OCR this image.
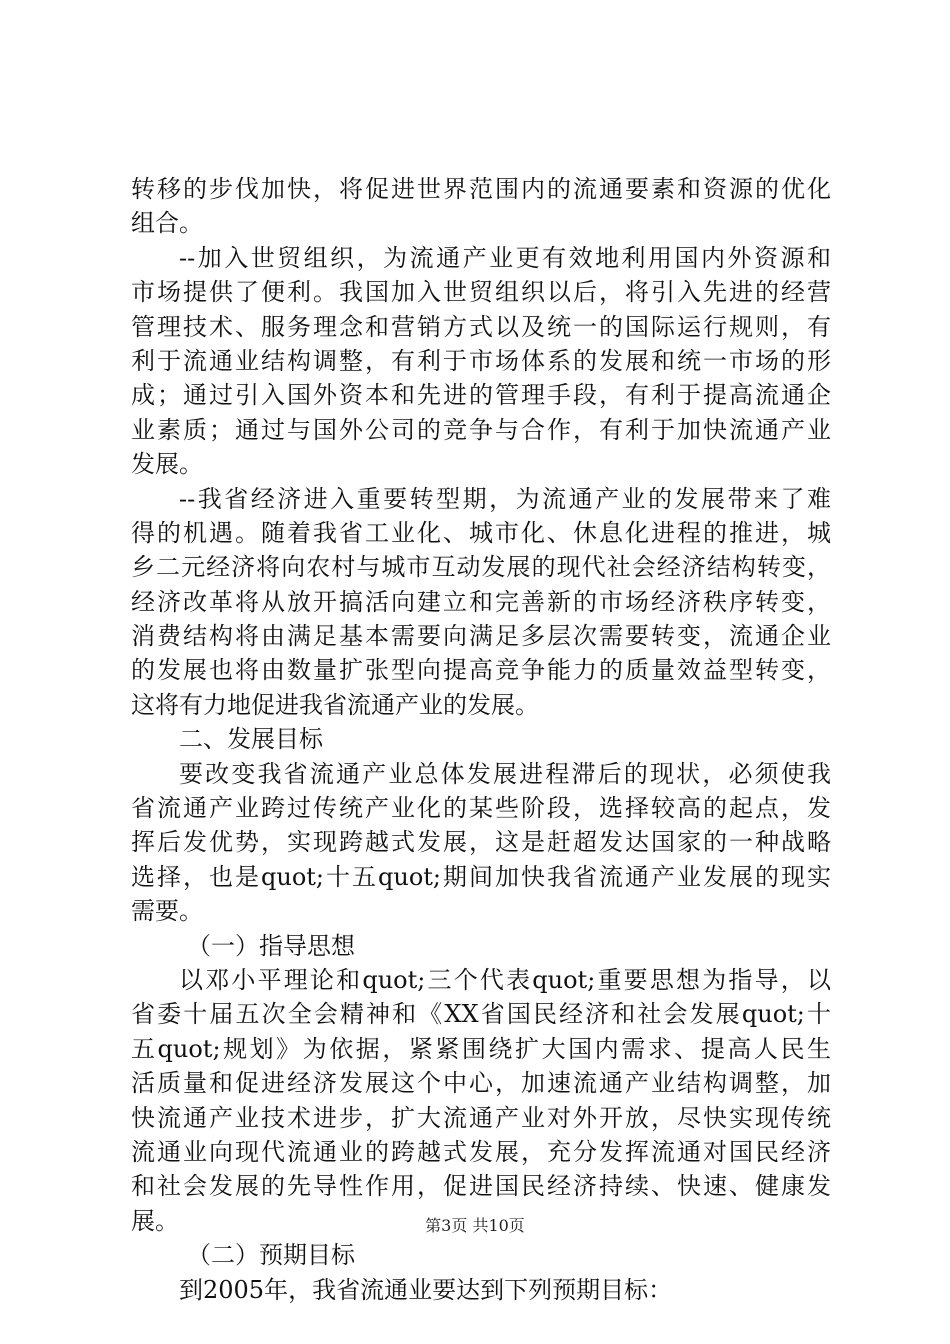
转移的步伐加快，将促进世界范围内的流通要素和资源的优化
组合。
--加入世贸组织，为流通产业更有效地利用国内外资源和
市场提供了便利。我国加入世贸组织以后，将引入先进的经营
管理技术、服务理念和营销方式以及统一的国际运行规则，有
利于流通业结构调整，有利于市场体系的发展和统一市场的形
成；通过引入国外资本和先进的管理手段，有利于提高流通企
业素质；通过与国外公司的竞争与合作，有利于加快流通产业
发展。
--我省经济进入重要转型期，为流通产业的发展带来了难
得的机遇。随着我省工业化、城市化、休息化进程的推进，城
乡二元经济将向农村与城市互动发展的现代社会经济结构转变，
经济改革将从放开搞活向建立和完善新的市场经济秩序转变，
消费结构将由满足基本需要向满足多层次需要转变，流通企业
的发展也将由数量扩张型向提高竞争能力的质量效益型转变，
这将有力地促进我省流通产业的发展。
二、发展目标
要改变我省流通产业总体发展进程滞后的现状，必须使我
省流通产业跨过传统产业化的某些阶段，选择较高的起点，发
挥后发优势，实现跨越式发展，这是赶超发达国家的一种战略
选择，也是quot;十五quot;期间加快我省流通产业发展的现实
需要。
（一）指导思想
以邓小平理论和quot;三个代表quot;重要思想为指导，以
省委十届五次全会精神和《XX省国民经济和社会发展quot;十
五quot;规划》为依据，紧紧围绕扩大国内需求、提高人民生
活质量和促进经济发展这个中心，加速流通产业结构调整，加
快流通产业技术进步，扩大流通产业对外开放，尽快实现传统
流通业向现代流通业的跨越式发展，充分发挥流通对国民经济
和社会发展的先导性作用，促进国民经济持续、快速、健康发
展。
（二）预期目标
到2005年，我省流通业要达到下列预期目标：
第3页 共10页
